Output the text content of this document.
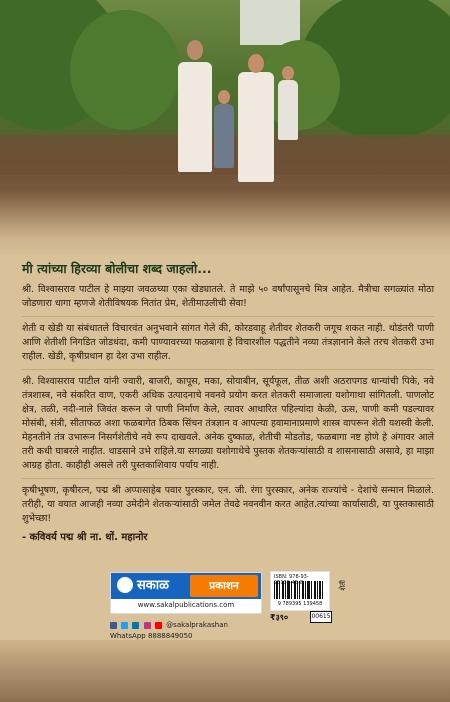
मी त्यांच्या हिरव्या बोलीचा शब्द जाहलो...

श्री. विश्वासराव पाटील हे माझ्या जवळच्या एका खेड्यातले. ते माझे ५० वर्षांपासूनचे मित्र आहेत. मैत्रीचा सगळ्यांत मोठा जोडणारा धागा म्हणजे शेतीविषयक नितांत प्रेम, शेतीमाउलीची सेवा!

शेती व खेडी या संबंधातले विचारवंत अनुभवाने सांगत गेले की, कोरडवाहू शेतीवर शेतकरी जगूच शकत नाही. थोडंतरी पाणी आणि शेतीशी निगडित जोडधंदा, कमी पाण्यावरच्या फळबागा हे विचारशील पद्धतीने नव्या तंत्रज्ञानाने केले तरच शेतकरी उभा राहील. खेडी, कृषीप्रधान हा देश उभा राहील.

श्री. विश्वासराव पाटील यांनी ज्वारी, बाजरी, कापूस, मका, सोयाबीन, सूर्यफूल, तीळ अशी अठरापगड धान्यांची पिके, नवे तंत्रशास्त्र, नवे संकरित वाण, एकरी अधिक उत्पादनाचे नवनवे प्रयोग करत शेतकरी समाजाला यशोगाथा सांगितली. पाणलोट क्षेत्र, तळी, नदी-नाले जिवंत करून जे पाणी निर्माण केले, त्यावर आधारित पहिल्यांदा केळी, ऊस, पाणी कमी पडल्यावर मोसंबी, संत्री, सीताफळ अशा फळबागेत ठिबक सिंचन तंत्रज्ञान व आपल्या हवामानाप्रमाणे शास्त्र वापरून शेती यशस्वी केली. मेहनतीने तंत्र उभारून निसर्गशेतीचे नवे रूप दाखवले. अनेक दुष्काळ, शेतीची मोडतोड, फळबागा नष्ट होणे हे अंगावर आले तरी कधी घाबरले नाहीत. धाडसाने उभे राहिले.या सगळ्या यशोगाथेचे पुस्तक शेतकऱ्यांसाठी व शासनासाठी असावे, हा माझा आग्रह होता. काहीही असले तरी पुस्तकाशिवाय पर्याय नाही.

कृषीभूषण, कृषीरत्न, पद्म श्री अप्पासाहेब पवार पुरस्कार, एन. जी. रंगा पुरस्कार, अनेक राज्यांचे - देशांचे सन्मान मिळाले. तरीही, या वयात आजही नव्या उमेदीने शेतकऱ्यांसाठी जमेल तेवढे नवनवीन करत आहेत.त्यांच्या कार्यासाठी, या पुस्तकासाठी शुभेच्छा!

- कविवर्य पद्म श्री ना. धों. महानोर
सकाळ	प्रकाशन
www.sakalpublications.com
@sakalprakashan
WhatsApp 8888849050
ISBN: 978-93-95139-45-8
9 789395 139458
₹३९०	00615
शेती
